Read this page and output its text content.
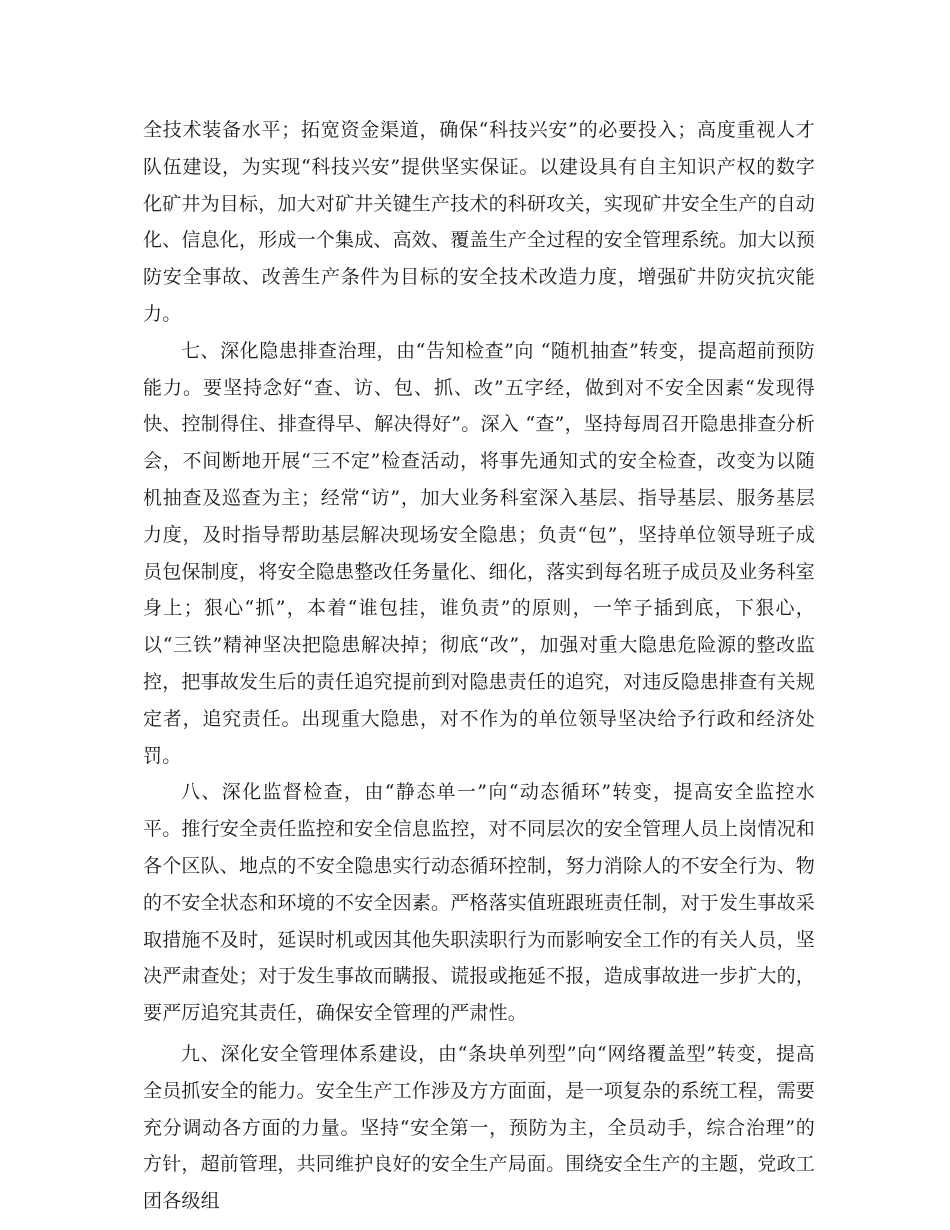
全技术装备水平；拓宽资金渠道，确保“科技兴安”的必要投入；高度重视人才队伍建设，为实现“科技兴安”提供坚实保证。以建设具有自主知识产权的数字化矿井为目标，加大对矿井关键生产技术的科研攻关，实现矿井安全生产的自动化、信息化，形成一个集成、高效、覆盖生产全过程的安全管理系统。加大以预防安全事故、改善生产条件为目标的安全技术改造力度，增强矿井防灾抗灾能力。

七、深化隐患排查治理，由“告知检查”向 “随机抽查”转变，提高超前预防能力。要坚持念好“查、访、包、抓、改”五字经，做到对不安全因素“发现得快、控制得住、排查得早、解决得好”。深入 “查”，坚持每周召开隐患排查分析会，不间断地开展“三不定”检查活动，将事先通知式的安全检查，改变为以随机抽查及巡查为主；经常“访”，加大业务科室深入基层、指导基层、服务基层力度，及时指导帮助基层解决现场安全隐患；负责“包”，坚持单位领导班子成员包保制度，将安全隐患整改任务量化、细化，落实到每名班子成员及业务科室身上；狠心“抓”，本着“谁包挂，谁负责”的原则，一竿子插到底，下狠心，以“三铁”精神坚决把隐患解决掉；彻底“改”，加强对重大隐患危险源的整改监控，把事故发生后的责任追究提前到对隐患责任的追究，对违反隐患排查有关规定者，追究责任。出现重大隐患，对不作为的单位领导坚决给予行政和经济处罚。

八、深化监督检查，由“静态单一”向“动态循环”转变，提高安全监控水平。推行安全责任监控和安全信息监控，对不同层次的安全管理人员上岗情况和各个区队、地点的不安全隐患实行动态循环控制，努力消除人的不安全行为、物的不安全状态和环境的不安全因素。严格落实值班跟班责任制，对于发生事故采取措施不及时，延误时机或因其他失职渎职行为而影响安全工作的有关人员，坚决严肃查处；对于发生事故而瞒报、谎报或拖延不报，造成事故进一步扩大的，要严厉追究其责任，确保安全管理的严肃性。

九、深化安全管理体系建设，由“条块单列型”向“网络覆盖型”转变，提高全员抓安全的能力。安全生产工作涉及方方面面，是一项复杂的系统工程，需要充分调动各方面的力量。坚持“安全第一，预防为主，全员动手，综合治理”的方针，超前管理，共同维护良好的安全生产局面。围绕安全生产的主题，党政工团各级组
